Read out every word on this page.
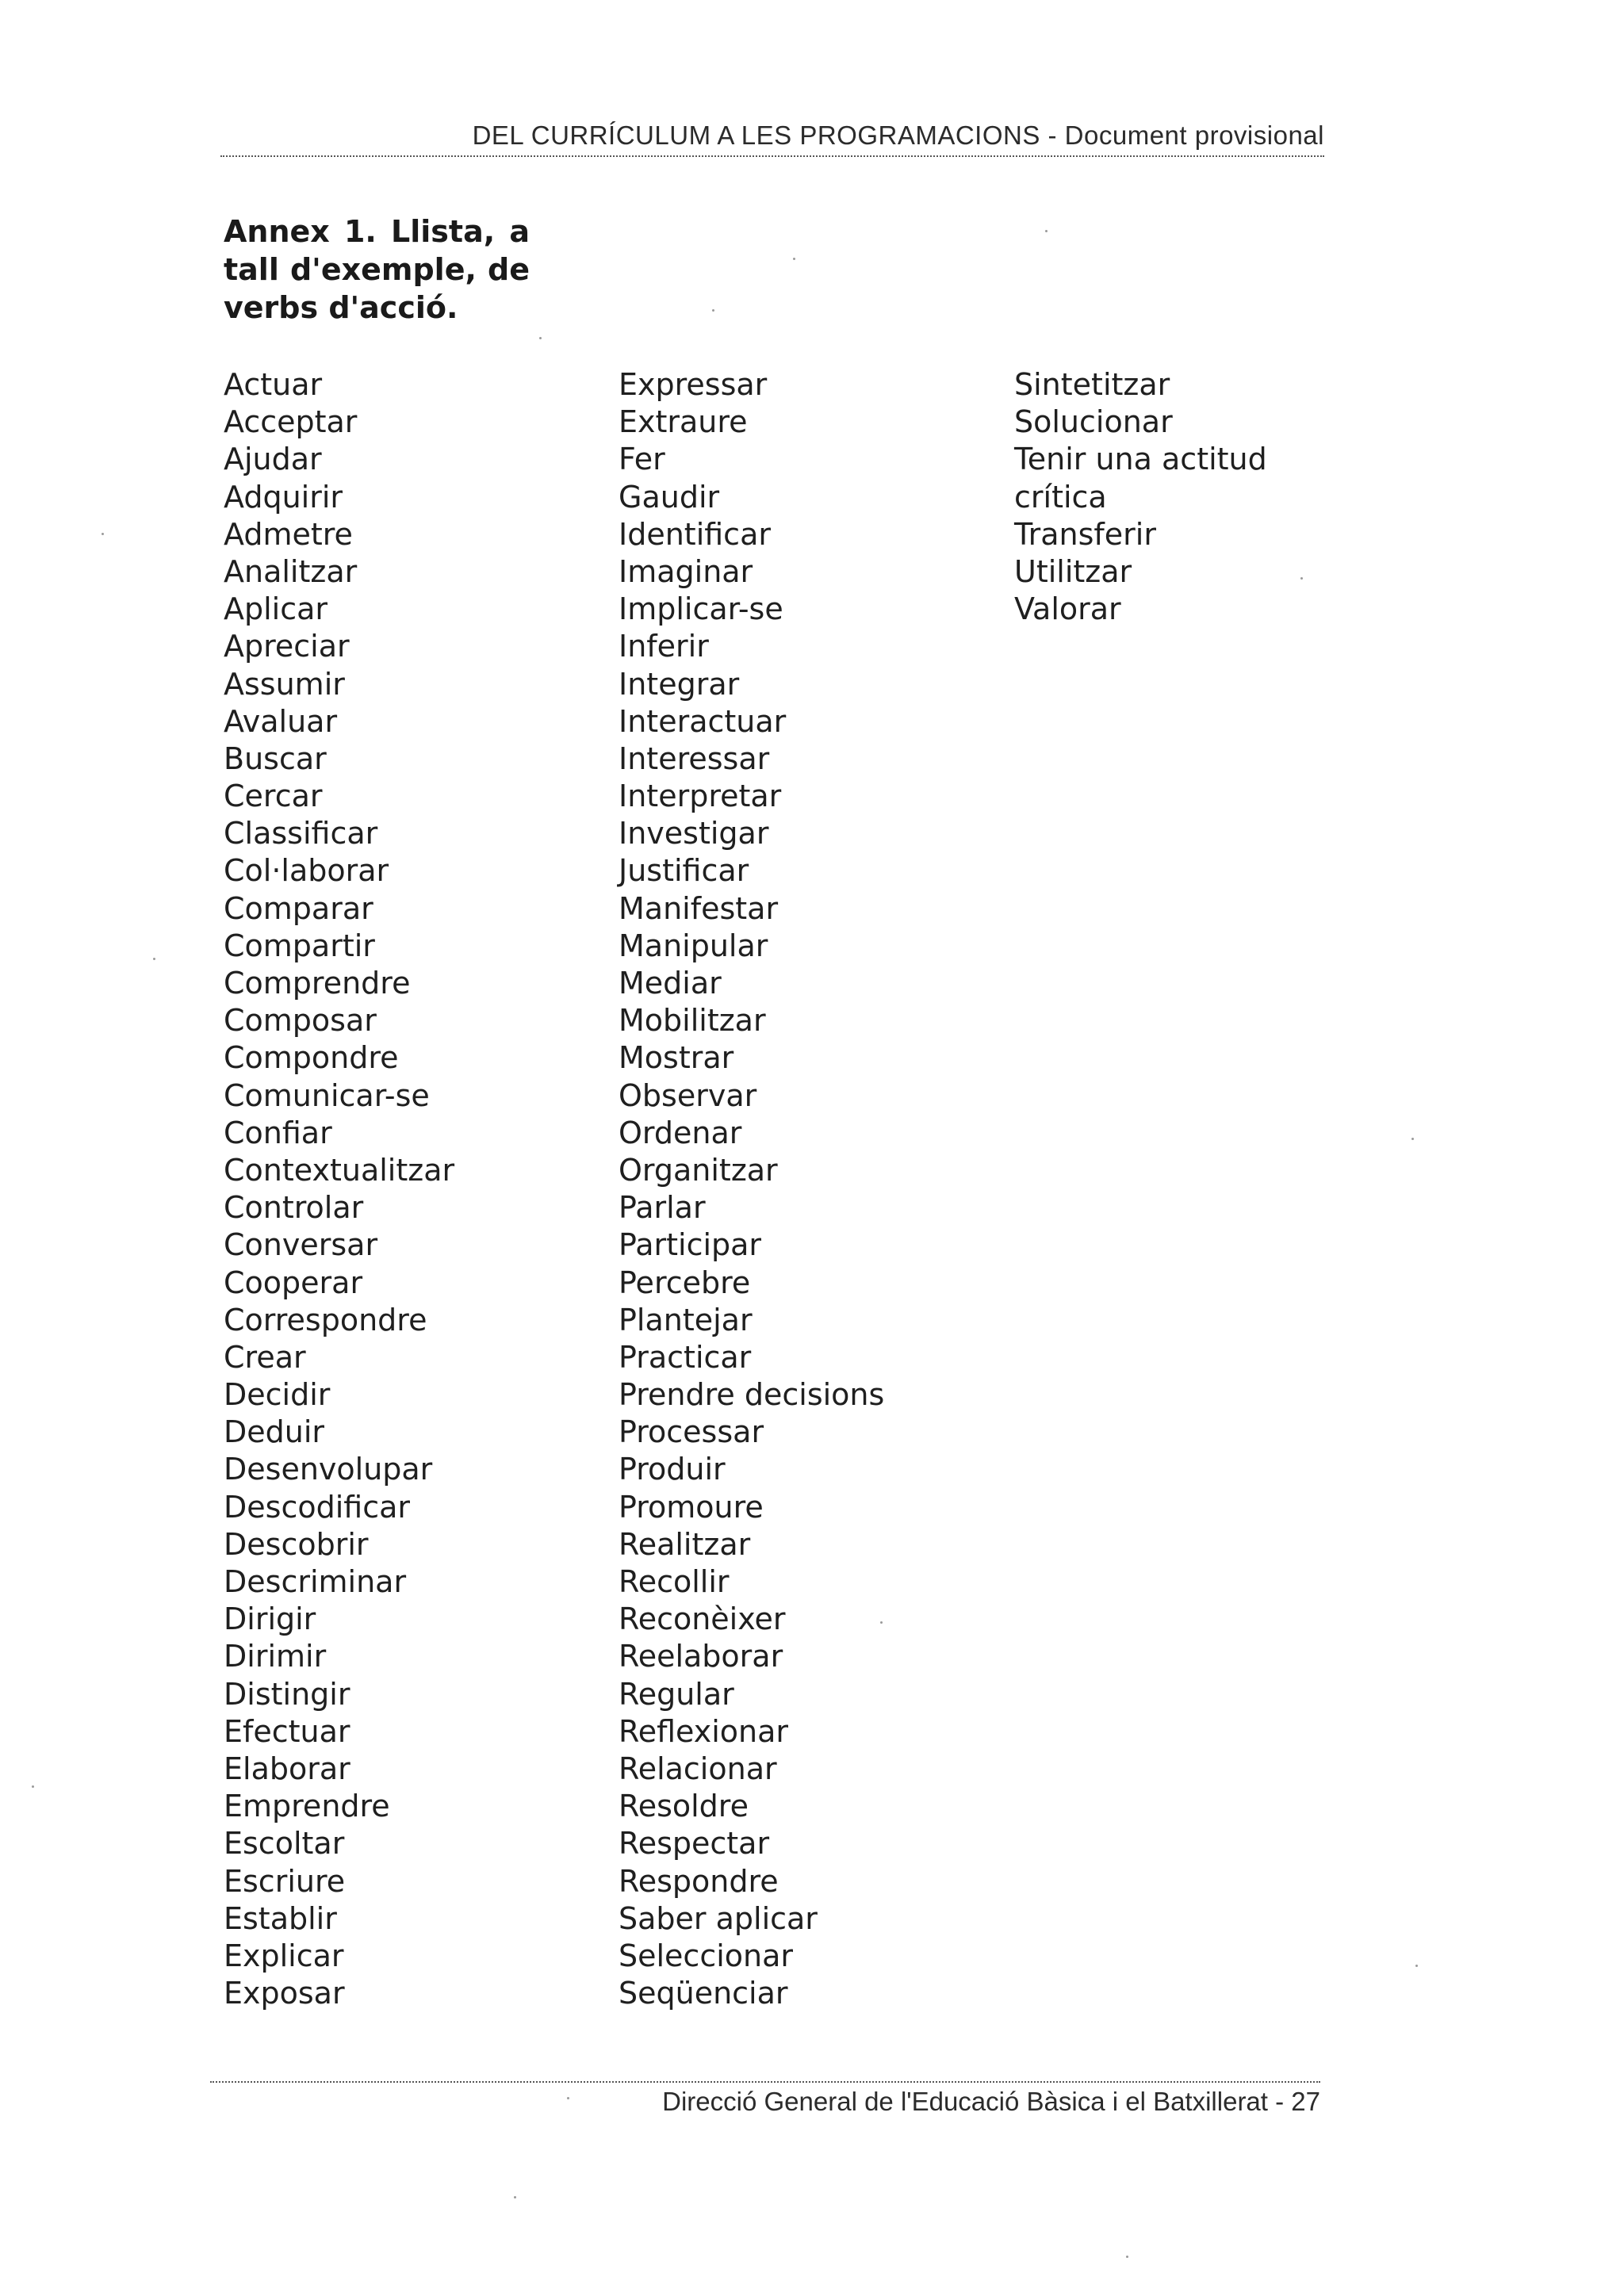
DEL CURRÍCULUM A LES PROGRAMACIONS - Document provisional
Annex 1. Llista, a
tall d'exemple, de
verbs d'acció.
Actuar
Acceptar
Ajudar
Adquirir
Admetre
Analitzar
Aplicar
Apreciar
Assumir
Avaluar
Buscar
Cercar
Classificar
Col·laborar
Comparar
Compartir
Comprendre
Composar
Compondre
Comunicar-se
Confiar
Contextualitzar
Controlar
Conversar
Cooperar
Correspondre
Crear
Decidir
Deduir
Desenvolupar
Descodificar
Descobrir
Descriminar
Dirigir
Dirimir
Distingir
Efectuar
Elaborar
Emprendre
Escoltar
Escriure
Establir
Explicar
Exposar
Expressar
Extraure
Fer
Gaudir
Identificar
Imaginar
Implicar-se
Inferir
Integrar
Interactuar
Interessar
Interpretar
Investigar
Justificar
Manifestar
Manipular
Mediar
Mobilitzar
Mostrar
Observar
Ordenar
Organitzar
Parlar
Participar
Percebre
Plantejar
Practicar
Prendre decisions
Processar
Produir
Promoure
Realitzar
Recollir
Reconèixer
Reelaborar
Regular
Reflexionar
Relacionar
Resoldre
Respectar
Respondre
Saber aplicar
Seleccionar
Seqüenciar
Sintetitzar
Solucionar
Tenir una actitud
crítica
Transferir
Utilitzar
Valorar
Direcció General de l'Educació Bàsica i el Batxillerat - 27
